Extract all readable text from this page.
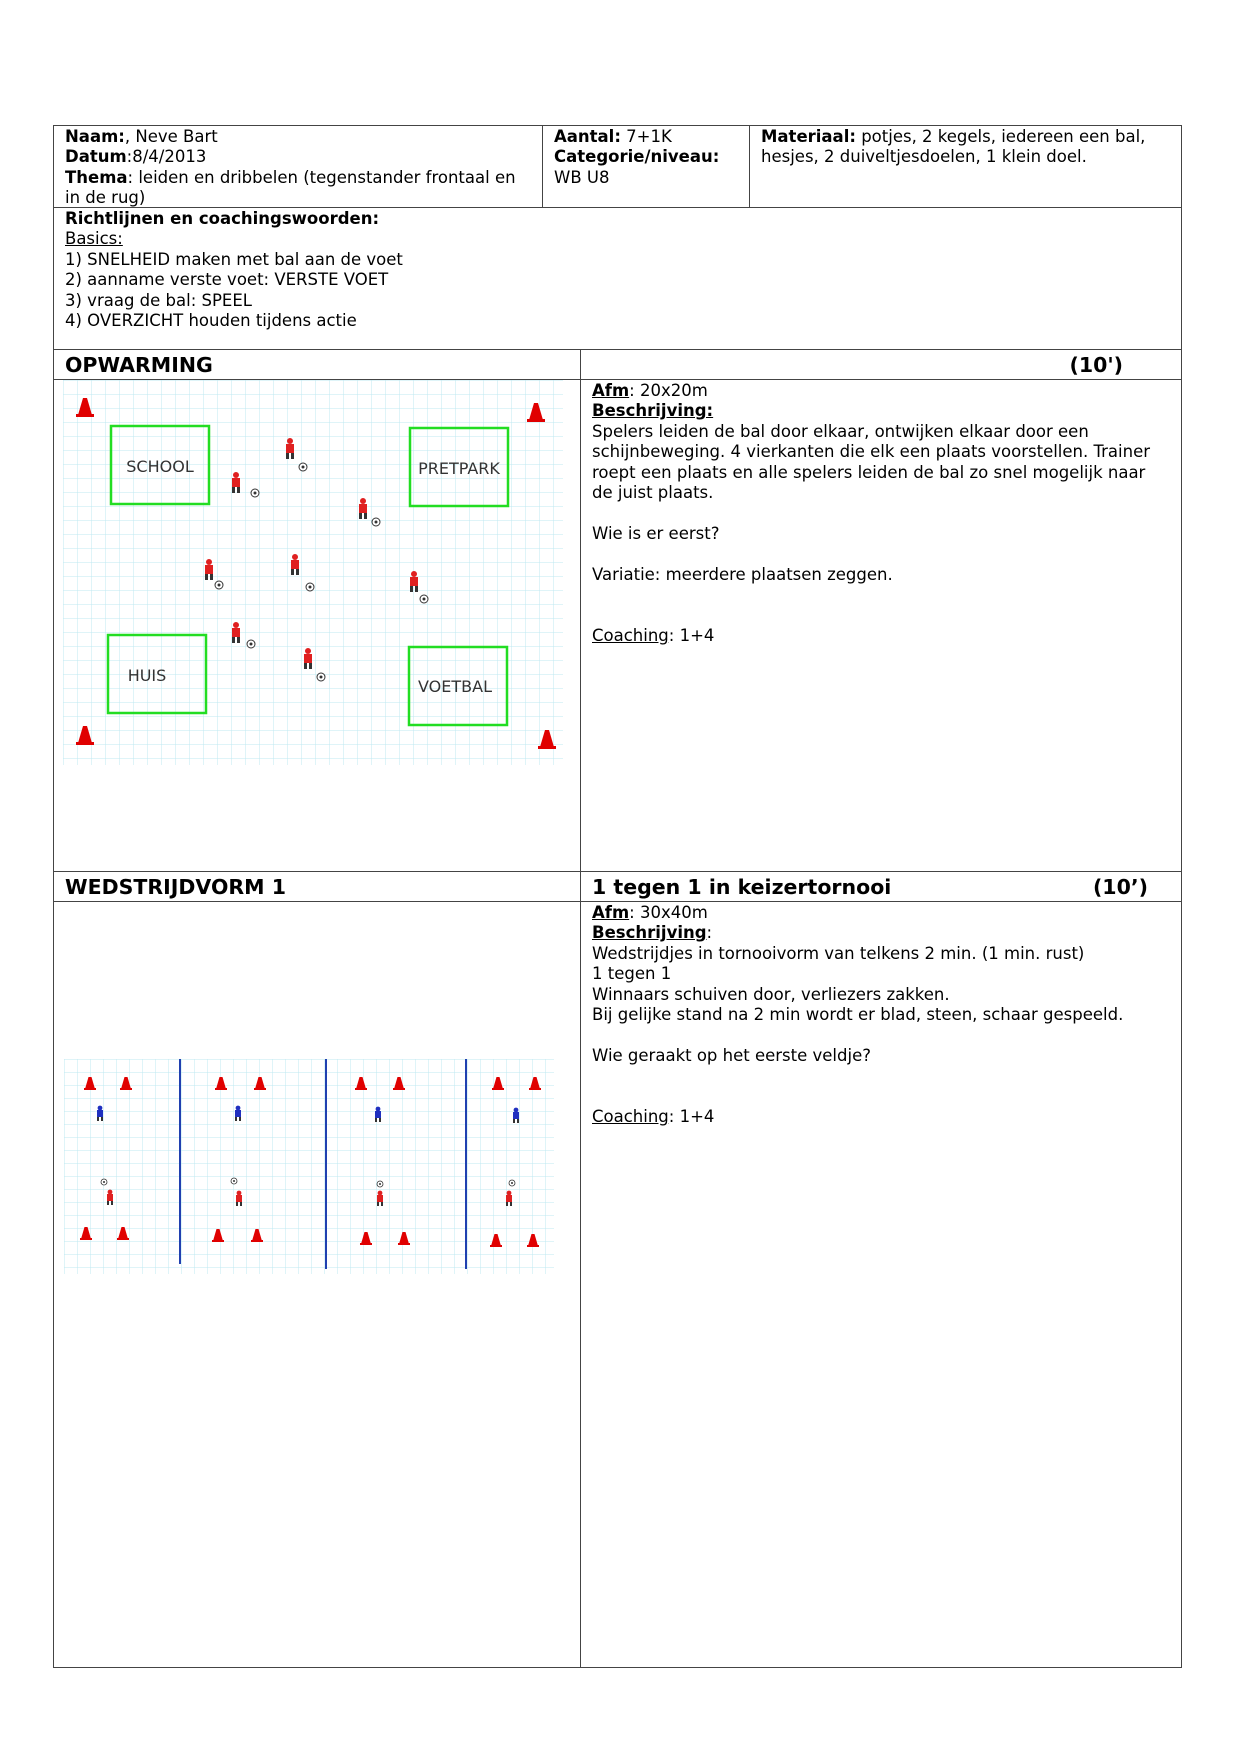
Naam:, Neve Bart
Datum:8/4/2013
Thema: leiden en dribbelen (tegenstander frontaal en
in de rug)
Aantal: 7+1K
Categorie/niveau:
WB U8
Materiaal: potjes, 2 kegels, iedereen een bal,
hesjes, 2 duiveltjesdoelen, 1 klein doel.
Richtlijnen en coachingswoorden:
Basics:
1) SNELHEID maken met bal aan de voet
2) aanname verste voet: VERSTE VOET
3) vraag de bal: SPEEL
4) OVERZICHT houden tijdens actie
OPWARMING	(10')
SCHOOL	PRETPARK
HUIS
VOETBAL
Afm: 20x20m
Beschrijving:
Spelers leiden de bal door elkaar, ontwijken elkaar door een
schijnbeweging. 4 vierkanten die elk een plaats voorstellen. Trainer
roept een plaats en alle spelers leiden de bal zo snel mogelijk naar
de juist plaats.
Wie is er eerst?
Variatie: meerdere plaatsen zeggen.
Coaching: 1+4
WEDSTRIJDVORM 1	1 tegen 1 in keizertornooi	(10’)
Afm: 30x40m
Beschrijving:
Wedstrijdjes in tornooivorm van telkens 2 min. (1 min. rust)
1 tegen 1
Winnaars schuiven door, verliezers zakken.
Bij gelijke stand na 2 min wordt er blad, steen, schaar gespeeld.
Wie geraakt op het eerste veldje?
Coaching: 1+4
